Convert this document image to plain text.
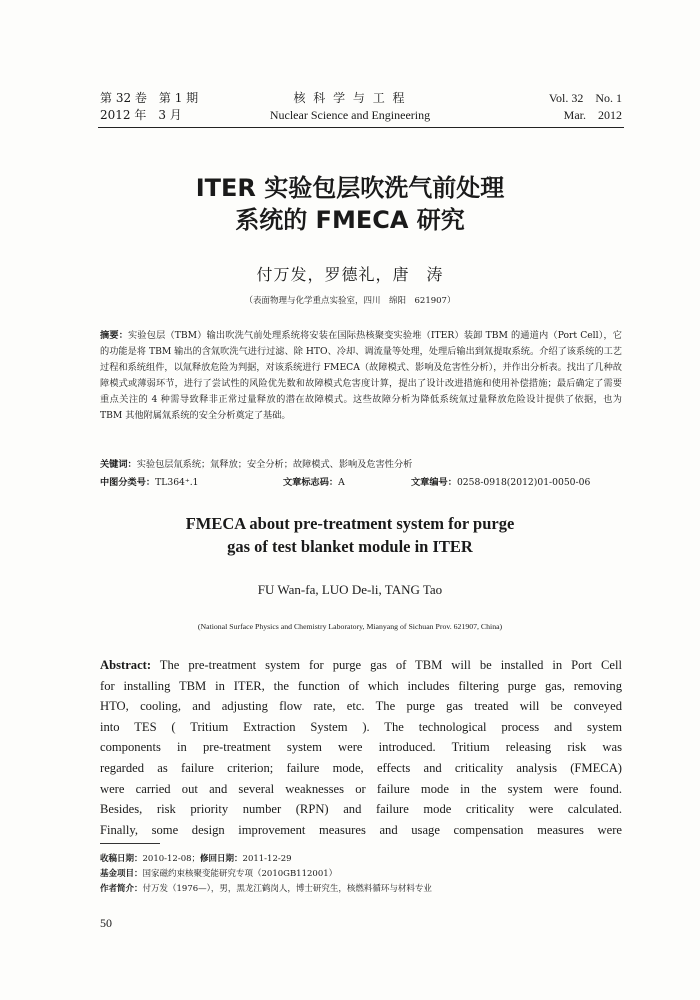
第 32 卷　第 1 期
2012 年　3 月
核 科 学 与 工 程
Nuclear Science and Engineering
Vol. 32　No. 1
Mar.　2012
ITER 实验包层吹洗气前处理
系统的 FMECA 研究
付万发，罗德礼，唐　涛
（表面物理与化学重点实验室，四川　绵阳　621907）
摘要：实验包层（TBM）输出吹洗气前处理系统将安装在国际热核聚变实验堆（ITER）装卸 TBM 的通道内（Port Cell），它的功能是将 TBM 输出的含氚吹洗气进行过滤、除 HTO、冷却、调流量等处理，处理后输出到氚提取系统。介绍了该系统的工艺过程和系统组件，以氚释放危险为判据，对该系统进行 FMECA（故障模式、影响及危害性分析），并作出分析表。找出了几种故障模式或薄弱环节，进行了尝试性的风险优先数和故障模式危害度计算，提出了设计改进措施和使用补偿措施；最后确定了需要重点关注的 4 种需导致释非正常过量释放的潜在故障模式。这些故障分析为降低系统氚过量释放危险设计提供了依据，也为 TBM 其他附属氚系统的安全分析奠定了基础。
关键词：实验包层氚系统；氚释放；安全分析；故障模式、影响及危害性分析
中图分类号：TL364⁺.1	文章标志码：A	文章编号：0258-0918(2012)01-0050-06
FMECA about pre-treatment system for purge
gas of test blanket module in ITER
FU Wan-fa, LUO De-li, TANG Tao
(National Surface Physics and Chemistry Laboratory, Mianyang of Sichuan Prov. 621907, China)
Abstract: The pre-treatment system for purge gas of TBM will be installed in Port Cell
for installing TBM in ITER, the function of which includes filtering purge gas, removing
HTO, cooling, and adjusting flow rate, etc. The purge gas treated will be conveyed
into TES ( Tritium Extraction System ). The technological process and system
components in pre-treatment system were introduced. Tritium releasing risk was
regarded as failure criterion; failure mode, effects and criticality analysis (FMECA)
were carried out and several weaknesses or failure mode in the system were found.
Besides, risk priority number (RPN) and failure mode criticality were calculated.
Finally, some design improvement measures and usage compensation measures were
收稿日期：2010-12-08；修回日期：2011-12-29
基金项目：国家磁约束核聚变能研究专项（2010GB112001）
作者简介：付万发（1976—），男，黑龙江鹤岗人，博士研究生，核燃料循环与材料专业
50
